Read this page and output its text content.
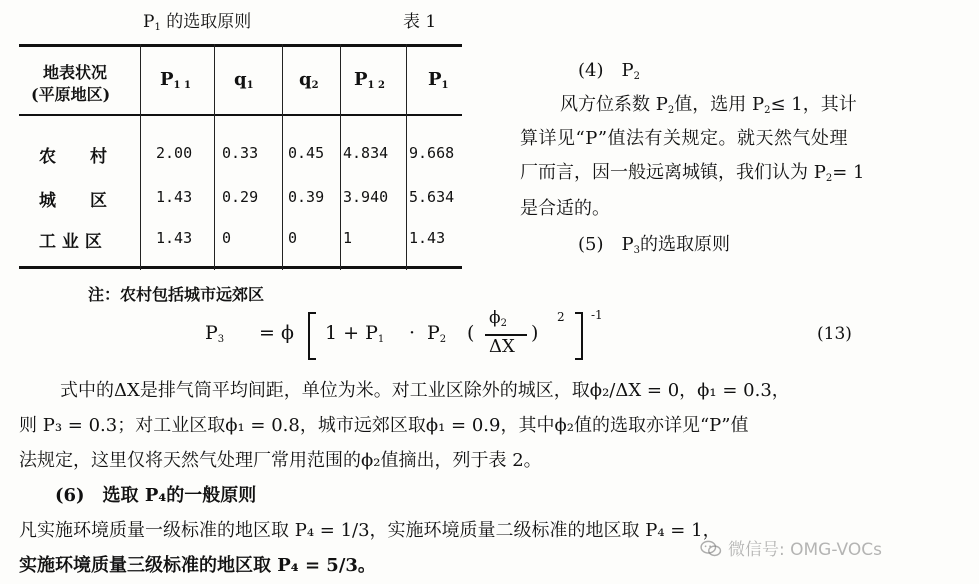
$P_1$ 的选取原则	表 1
地表状况
(平原地区)
$P_{1 1}$ $q_1$	$q_2$ $P_{1 2}$ $P_1$
农　　村	2.00 0.33 0.45 4.834 9.668
城　　区	1.43 0.29 0.39 3.940 5.634
工 业 区	1.43 0	0	1	1.43
注：农村包括城市远郊区
(4)　$P_2$
风方位系数 $P_2$值，选用 $P_2\le 1$，其计
算详见“P”值法有关规定。就天然气处理
厂而言，因一般远离城镇，我们认为 $P_2= 1$
是合适的。
(5)　$P_3$的选取原则
$P_3 = \phi$ $1 + P_1 \cdot P_2$ (
$\phi_2$
ΔX
)
2 -1
(13)
式中的ΔX是排气筒平均间距，单位为米。对工业区除外的城区，取ϕ₂/ΔX = 0，ϕ₁ = 0.3，
则 P₃ = 0.3；对工业区取ϕ₁ = 0.8，城市远郊区取ϕ₁ = 0.9，其中ϕ₂值的选取亦详见“P”值
法规定，这里仅将天然气处理厂常用范围的ϕ₂值摘出，列于表 2。
(6)　选取 P₄的一般原则
凡实施环境质量一级标准的地区取 P₄ = 1/3，实施环境质量二级标准的地区取 P₄ = 1，
实施环境质量三级标准的地区取 P₄ = 5/3。
微信号: OMG-VOCs
